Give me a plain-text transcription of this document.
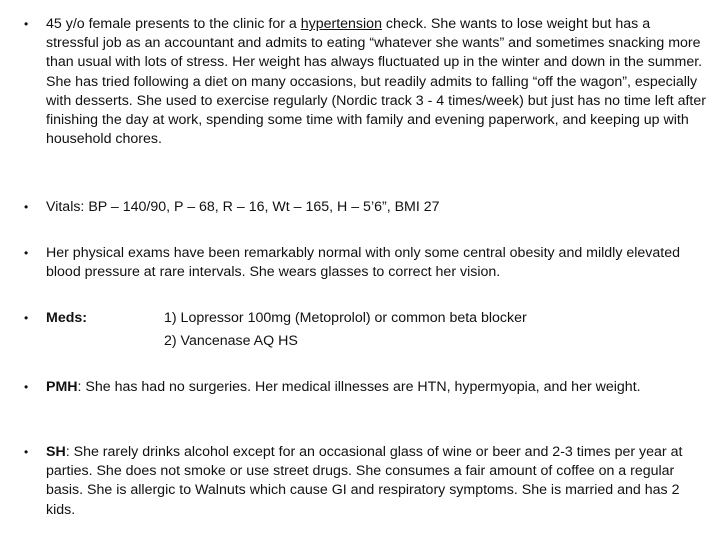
• 45 y/o female presents to the clinic for a hypertension check. She wants to lose weight but has a stressful job as an accountant and admits to eating “whatever she wants” and sometimes snacking more than usual with lots of stress. Her weight has always fluctuated up in the winter and down in the summer. She has tried following a diet on many occasions, but readily admits to falling “off the wagon”, especially with desserts. She used to exercise regularly (Nordic track 3 - 4 times/week) but just has no time left after finishing the day at work, spending some time with family and evening paperwork, and keeping up with household chores.
• Vitals: BP – 140/90, P – 68, R – 16, Wt – 165, H – 5’6”, BMI 27
• Her physical exams have been remarkably normal with only some central obesity and mildly elevated blood pressure at rare intervals. She wears glasses to correct her vision.
• Meds:	1) Lopressor 100mg (Metoprolol) or common beta blocker
2) Vancenase AQ HS
• PMH: She has had no surgeries. Her medical illnesses are HTN, hypermyopia, and her weight.
• SH: She rarely drinks alcohol except for an occasional glass of wine or beer and 2-3 times per year at parties. She does not smoke or use street drugs. She consumes a fair amount of coffee on a regular basis. She is allergic to Walnuts which cause GI and respiratory symptoms. She is married and has 2 kids.
